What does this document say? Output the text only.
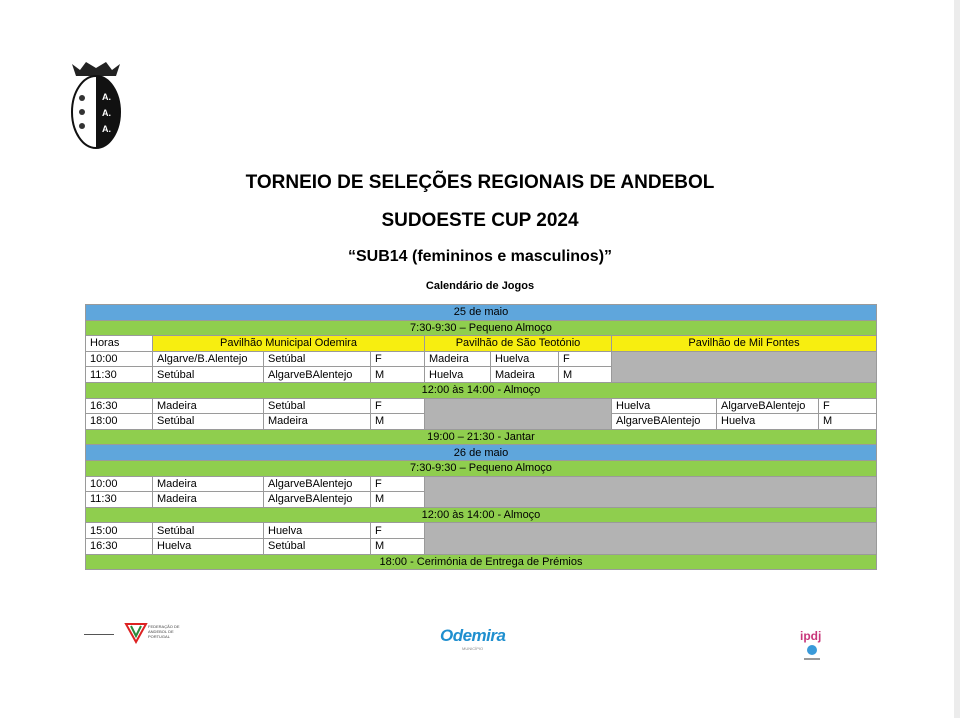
A.
A.
A.
TORNEIO DE SELEÇÕES REGIONAIS DE ANDEBOL
SUDOESTE CUP 2024
“SUB14 (femininos e masculinos)”
Calendário de Jogos
25 de maio									
7:30-9:30 – Pequeno Almoço									
Horas	Pavilhão Municipal Odemira			Pavilhão de São Teotónio			Pavilhão de Mil Fontes		
10:00	Algarve/B.Alentejo	Setúbal	F	Madeira	Huelva	F			
11:30	Setúbal	AlgarveBAlentejo	M	Huelva	Madeira	M			
12:00 às 14:00 - Almoço									
16:30	Madeira	Setúbal	F				Huelva	AlgarveBAlentejo	F
18:00	Setúbal	Madeira	M				AlgarveBAlentejo	Huelva	M
19:00 – 21:30 - Jantar									
26 de maio									
7:30-9:30 – Pequeno Almoço									
10:00	Madeira	AlgarveBAlentejo	F						
11:30	Madeira	AlgarveBAlentejo	M						
12:00 às 14:00 - Almoço									
15:00	Setúbal	Huelva	F						
16:30	Huelva	Setúbal	M						
18:00 - Cerimónia de Entrega de Prémios									
FEDERAÇÃO DE ANDEBOL DE PORTUGAL	Odemira
MUNICÍPIO
ipdj
